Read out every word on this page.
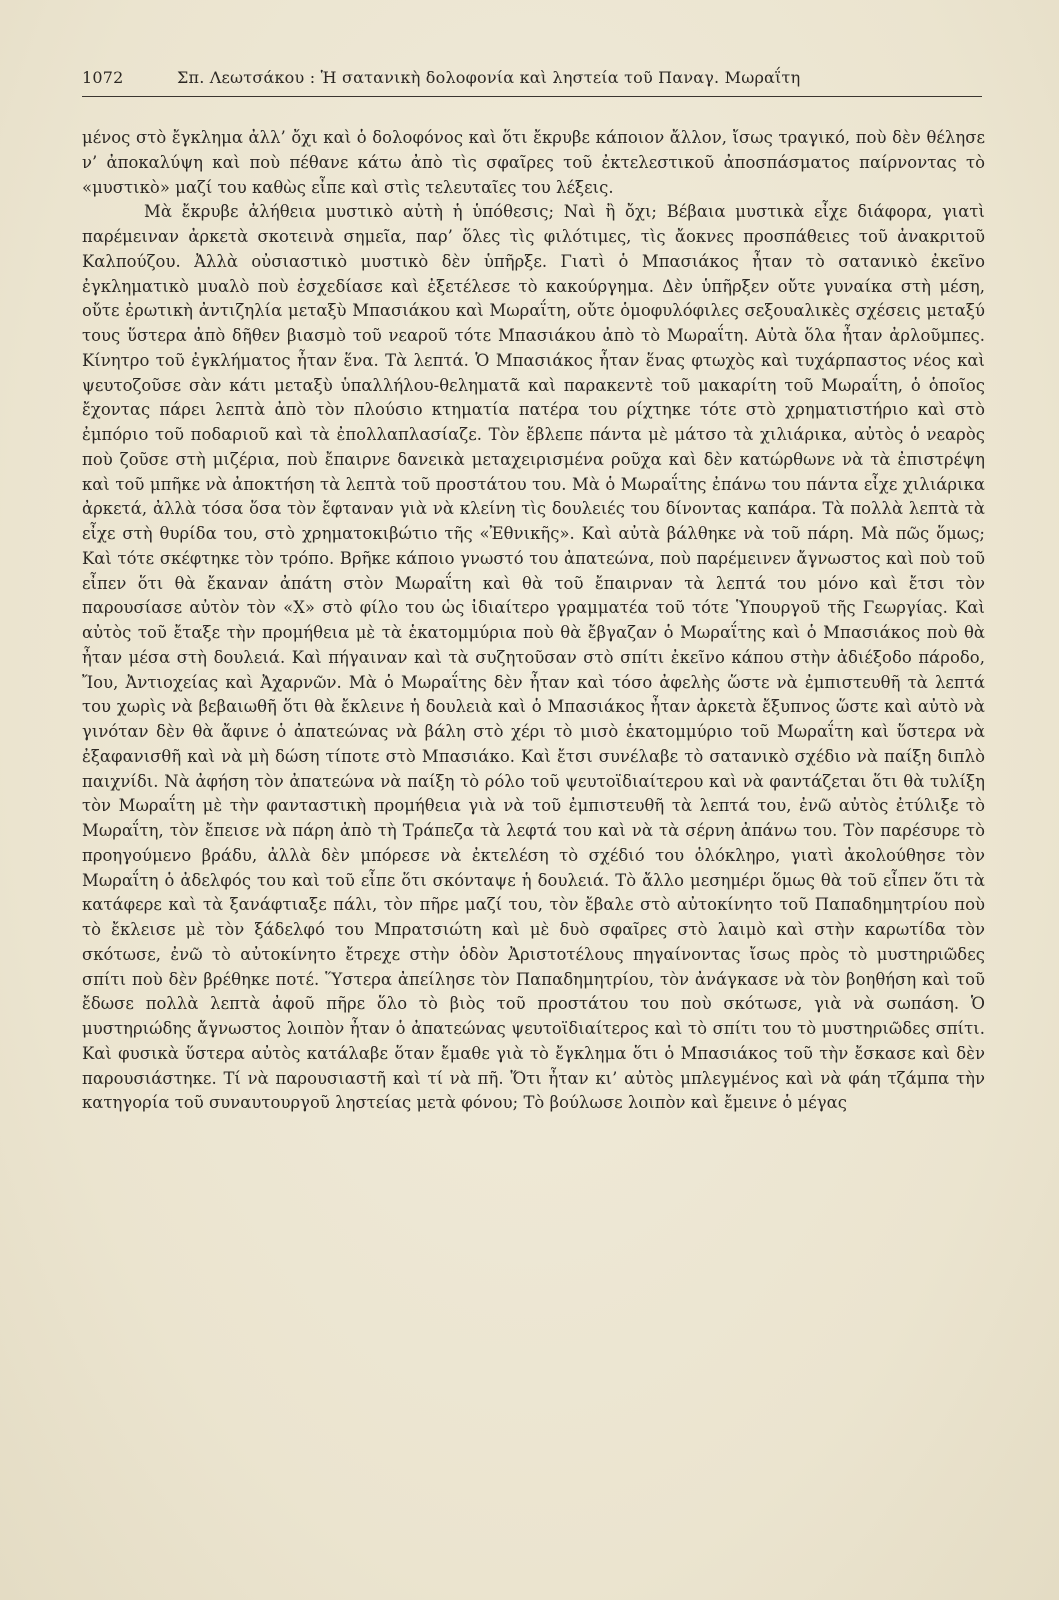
1072	Σπ. Λεωτσάκου : Ἡ σατανικὴ δολοφονία καὶ ληστεία τοῦ Παναγ. Μωραΐτη

μένος στὸ ἔγκλημα ἀλλ’ ὄχι καὶ ὁ δολοφόνος καὶ ὅτι ἔκρυβε κάποιον ἄλλον, ἴσως τραγικό, ποὺ δὲν θέλησε ν’ ἀποκαλύψη καὶ ποὺ πέθανε κάτω ἀπὸ τὶς σφαῖρες τοῦ ἐκτελεστικοῦ ἀποσπάσματος παίρνοντας τὸ «μυστικὸ» μαζί του καθὼς εἶπε καὶ στὶς τελευταῖες του λέξεις.

Μὰ ἔκρυβε ἀλήθεια μυστικὸ αὐτὴ ἡ ὑπόθεσις; Ναὶ ἢ ὄχι; Βέβαια μυστικὰ εἶχε διάφορα, γιατὶ παρέμειναν ἀρκετὰ σκοτεινὰ σημεῖα, παρ’ ὅλες τὶς φιλότιμες, τὶς ἄοκνες προσπάθειες τοῦ ἀνακριτοῦ Καλπούζου. Ἀλλὰ οὐσιαστικὸ μυστικὸ δὲν ὑπῆρξε. Γιατὶ ὁ Μπασιάκος ἦταν τὸ σατανικὸ ἐκεῖνο ἐγκληματικὸ μυαλὸ ποὺ ἐσχεδίασε καὶ ἐξετέλεσε τὸ κακούργημα. Δὲν ὑπῆρξεν οὔτε γυναίκα στὴ μέση, οὔτε ἐρωτικὴ ἀντιζηλία μεταξὺ Μπασιάκου καὶ Μωραΐτη, οὔτε ὁμοφυλόφιλες σεξουαλικὲς σχέσεις μεταξύ τους ὕστερα ἀπὸ δῆθεν βιασμὸ τοῦ νεαροῦ τότε Μπασιάκου ἀπὸ τὸ Μωραΐτη. Αὐτὰ ὅλα ἦταν ἀρλοῦμπες. Κίνητρο τοῦ ἐγκλήματος ἦταν ἕνα. Τὰ λεπτά. Ὁ Μπασιάκος ἦταν ἕνας φτωχὸς καὶ τυχάρπαστος νέος καὶ ψευτοζοῦσε σὰν κάτι μεταξὺ ὑπαλλήλου-θεληματᾶ καὶ παρακεντὲ τοῦ μακαρίτη τοῦ Μωραΐτη, ὁ ὁποῖος ἔχοντας πάρει λεπτὰ ἀπὸ τὸν πλούσιο κτηματία πατέρα του ρίχτηκε τότε στὸ χρηματιστήριο καὶ στὸ ἐμπόριο τοῦ ποδαριοῦ καὶ τὰ ἐπολλαπλασίαζε. Τὸν ἔβλεπε πάντα μὲ μάτσο τὰ χιλιάρικα, αὐτὸς ὁ νεαρὸς ποὺ ζοῦσε στὴ μιζέρια, ποὺ ἔπαιρνε δανεικὰ μεταχειρισμένα ροῦχα καὶ δὲν κατώρθωνε νὰ τὰ ἐπιστρέψη καὶ τοῦ μπῆκε νὰ ἀποκτήση τὰ λεπτὰ τοῦ προστάτου του. Μὰ ὁ Μωραΐτης ἐπάνω του πάντα εἶχε χιλιάρικα ἀρκετά, ἀλλὰ τόσα ὅσα τὸν ἔφταναν γιὰ νὰ κλείνη τὶς δουλειές του δίνοντας καπάρα. Τὰ πολλὰ λεπτὰ τὰ εἶχε στὴ θυρίδα του, στὸ χρηματοκιβώτιο τῆς «Ἐθνικῆς». Καὶ αὐτὰ βάλθηκε νὰ τοῦ πάρη. Μὰ πῶς ὅμως; Καὶ τότε σκέφτηκε τὸν τρόπο. Βρῆκε κάποιο γνωστό του ἀπατεώνα, ποὺ παρέμεινεν ἄγνωστος καὶ ποὺ τοῦ εἶπεν ὅτι θὰ ἔκαναν ἀπάτη στὸν Μωραΐτη καὶ θὰ τοῦ ἔπαιρναν τὰ λεπτά του μόνο καὶ ἔτσι τὸν παρουσίασε αὐτὸν τὸν «Χ» στὸ φίλο του ὡς ἰδιαίτερο γραμματέα τοῦ τότε Ὑπουργοῦ τῆς Γεωργίας. Καὶ αὐτὸς τοῦ ἔταξε τὴν προμήθεια μὲ τὰ ἑκατομμύρια ποὺ θὰ ἔβγαζαν ὁ Μωραΐτης καὶ ὁ Μπασιάκος ποὺ θὰ ἦταν μέσα στὴ δουλειά. Καὶ πήγαιναν καὶ τὰ συζητοῦσαν στὸ σπίτι ἐκεῖνο κάπου στὴν ἀδιέξοδο πάροδο, Ἴου, Ἀντιοχείας καὶ Ἀχαρνῶν. Μὰ ὁ Μωραΐτης δὲν ἦταν καὶ τόσο ἀφελὴς ὥστε νὰ ἐμπιστευθῆ τὰ λεπτά του χωρὶς νὰ βεβαιωθῆ ὅτι θὰ ἔκλεινε ἡ δουλειὰ καὶ ὁ Μπασιάκος ἦταν ἀρκετὰ ἔξυπνος ὥστε καὶ αὐτὸ νὰ γινόταν δὲν θὰ ἄφινε ὁ ἀπατεώνας νὰ βάλη στὸ χέρι τὸ μισὸ ἑκατομμύριο τοῦ Μωραΐτη καὶ ὕστερα νὰ ἐξαφανισθῆ καὶ νὰ μὴ δώση τίποτε στὸ Μπασιάκο. Καὶ ἔτσι συνέλαβε τὸ σατανικὸ σχέδιο νὰ παίξη διπλὸ παιχνίδι. Νὰ ἀφήση τὸν ἀπατεώνα νὰ παίξη τὸ ρόλο τοῦ ψευτοϊδιαίτερου καὶ νὰ φαντάζεται ὅτι θὰ τυλίξη τὸν Μωραΐτη μὲ τὴν φανταστικὴ προμήθεια γιὰ νὰ τοῦ ἐμπιστευθῆ τὰ λεπτά του, ἐνῶ αὐτὸς ἐτύλιξε τὸ Μωραΐτη, τὸν ἔπεισε νὰ πάρη ἀπὸ τὴ Τράπεζα τὰ λεφτά του καὶ νὰ τὰ σέρνη ἀπάνω του. Τὸν παρέσυρε τὸ προηγούμενο βράδυ, ἀλλὰ δὲν μπόρεσε νὰ ἐκτελέση τὸ σχέδιό του ὁλόκληρο, γιατὶ ἀκολούθησε τὸν Μωραΐτη ὁ ἀδελφός του καὶ τοῦ εἶπε ὅτι σκόνταψε ἡ δουλειά. Τὸ ἄλλο μεσημέρι ὅμως θὰ τοῦ εἶπεν ὅτι τὰ κατάφερε καὶ τὰ ξανάφτιαξε πάλι, τὸν πῆρε μαζί του, τὸν ἔβαλε στὸ αὐτοκίνητο τοῦ Παπαδημητρίου ποὺ τὸ ἔκλεισε μὲ τὸν ξάδελφό του Μπρατσιώτη καὶ μὲ δυὸ σφαῖρες στὸ λαιμὸ καὶ στὴν καρωτίδα τὸν σκότωσε, ἐνῶ τὸ αὐτοκίνητο ἔτρεχε στὴν ὁδὸν Ἀριστοτέλους πηγαίνοντας ἴσως πρὸς τὸ μυστηριῶδες σπίτι ποὺ δὲν βρέθηκε ποτέ. Ὕστερα ἀπείλησε τὸν Παπαδημητρίου, τὸν ἀνάγκασε νὰ τὸν βοηθήση καὶ τοῦ ἔδωσε πολλὰ λεπτὰ ἀφοῦ πῆρε ὅλο τὸ βιὸς τοῦ προστάτου του ποὺ σκότωσε, γιὰ νὰ σωπάση. Ὁ μυστηριώδης ἄγνωστος λοιπὸν ἦταν ὁ ἀπατεώνας ψευτοϊδιαίτερος καὶ τὸ σπίτι του τὸ μυστηριῶδες σπίτι. Καὶ φυσικὰ ὕστερα αὐτὸς κατάλαβε ὅταν ἔμαθε γιὰ τὸ ἔγκλημα ὅτι ὁ Μπασιάκος τοῦ τὴν ἔσκασε καὶ δὲν παρουσιάστηκε. Τί νὰ παρουσιαστῆ καὶ τί νὰ πῆ. Ὅτι ἦταν κι’ αὐτὸς μπλεγμένος καὶ νὰ φάη τζάμπα τὴν κατηγορία τοῦ συναυτουργοῦ ληστείας μετὰ φόνου; Τὸ βούλωσε λοιπὸν καὶ ἔμεινε ὁ μέγας
